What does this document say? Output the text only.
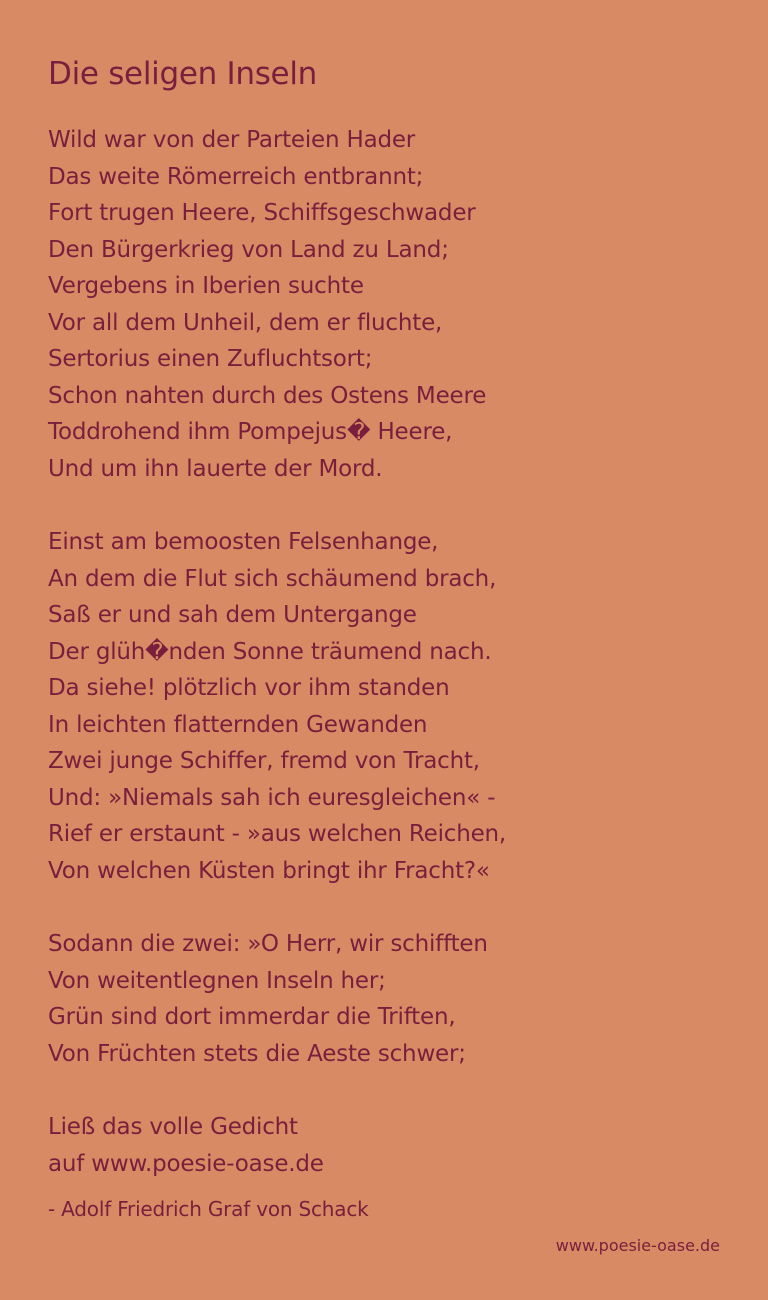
Die seligen Inseln
Wild war von der Parteien Hader
Das weite Römerreich entbrannt;
Fort trugen Heere, Schiffsgeschwader
Den Bürgerkrieg von Land zu Land;
Vergebens in Iberien suchte
Vor all dem Unheil, dem er fluchte,
Sertorius einen Zufluchtsort;
Schon nahten durch des Ostens Meere
Toddrohend ihm Pompejus� Heere,
Und um ihn lauerte der Mord.
Einst am bemoosten Felsenhange,
An dem die Flut sich schäumend brach,
Saß er und sah dem Untergange
Der glüh�nden Sonne träumend nach.
Da siehe! plötzlich vor ihm standen
In leichten flatternden Gewanden
Zwei junge Schiffer, fremd von Tracht,
Und: »Niemals sah ich euresgleichen« -
Rief er erstaunt - »aus welchen Reichen,
Von welchen Küsten bringt ihr Fracht?«
Sodann die zwei: »O Herr, wir schifften
Von weitentlegnen Inseln her;
Grün sind dort immerdar die Triften,
Von Früchten stets die Aeste schwer;
Ließ das volle Gedicht
auf www.poesie-oase.de
- Adolf Friedrich Graf von Schack
www.poesie-oase.de
